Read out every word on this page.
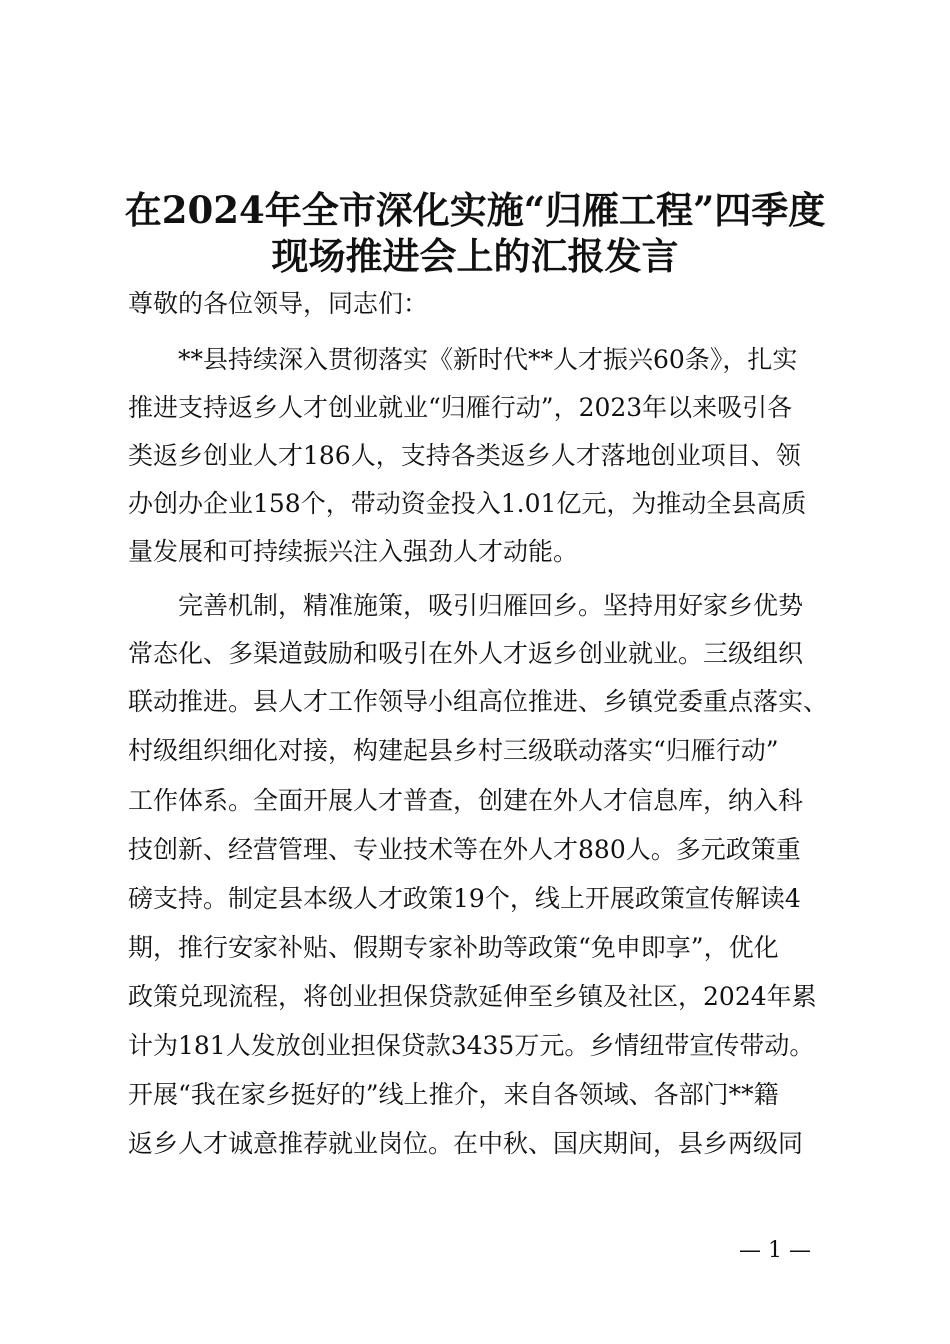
在2024年全市深化实施“归雁工程”四季度
现场推进会上的汇报发言
尊敬的各位领导，同志们：
　　**县持续深入贯彻落实《新时代**人才振兴60条》，扎实
推进支持返乡人才创业就业“归雁行动”，2023年以来吸引各
类返乡创业人才186人，支持各类返乡人才落地创业项目、领
办创办企业158个，带动资金投入1.01亿元，为推动全县高质
量发展和可持续振兴注入强劲人才动能。
　　完善机制，精准施策，吸引归雁回乡。坚持用好家乡优势
常态化、多渠道鼓励和吸引在外人才返乡创业就业。三级组织
联动推进。县人才工作领导小组高位推进、乡镇党委重点落实、
村级组织细化对接，构建起县乡村三级联动落实“归雁行动”
工作体系。全面开展人才普查，创建在外人才信息库，纳入科
技创新、经营管理、专业技术等在外人才880人。多元政策重
磅支持。制定县本级人才政策19个，线上开展政策宣传解读4
期，推行安家补贴、假期专家补助等政策“免申即享”，优化
政策兑现流程，将创业担保贷款延伸至乡镇及社区，2024年累
计为181人发放创业担保贷款3435万元。乡情纽带宣传带动。
开展“我在家乡挺好的”线上推介，来自各领域、各部门**籍
返乡人才诚意推荐就业岗位。在中秋、国庆期间，县乡两级同
— 1 —
